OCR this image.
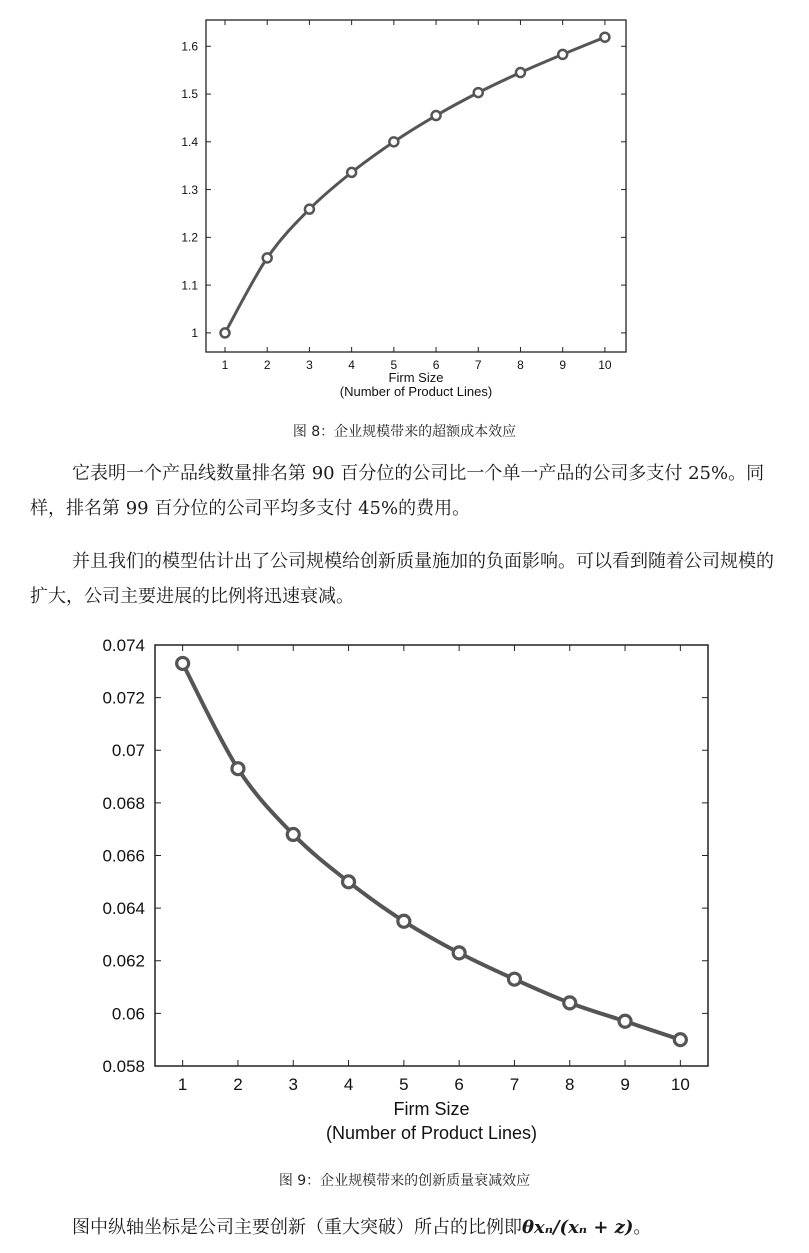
1
1.1
1.2
1.3
1.4
1.5
1.6
1	2	3	4	5	6	7	8	9	10
Firm Size
(Number of Product Lines)
图 8：企业规模带来的超额成本效应

它表明一个产品线数量排名第 90 百分位的公司比一个单一产品的公司多支付 25%。同样，排名第 99 百分位的公司平均多支付 45%的费用。

并且我们的模型估计出了公司规模给创新质量施加的负面影响。可以看到随着公司规模的扩大，公司主要进展的比例将迅速衰减。

0.058
0.06
0.062
0.064
0.066
0.068
0.07
0.072
0.074
1	2	3	4	5	6	7	8	9 10
Firm Size
(Number of Product Lines)
图 9：企业规模带来的创新质量衰减效应

图中纵轴坐标是公司主要创新（重大突破）所占的比例即θxₙ/(xₙ + z)。
